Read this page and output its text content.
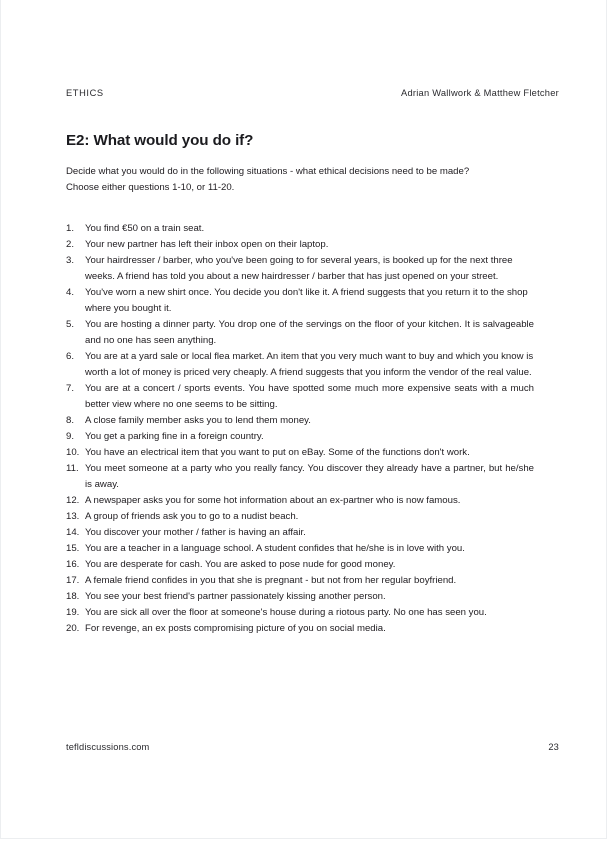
ETHICS	Adrian Wallwork & Matthew Fletcher
E2: What would you do if?
Decide what you would do in the following situations - what ethical decisions need to be made?
Choose either questions 1-10, or 11-20.
1.	You find €50 on a train seat.
2.	Your new partner has left their inbox open on their laptop.
3.	Your hairdresser / barber, who you've been going to for several years, is booked up for the next three weeks. A friend has told you about a new hairdresser / barber that has just opened on your street.
4.	You've worn a new shirt once. You decide you don't like it. A friend suggests that you return it to the shop where you bought it.
5.	You are hosting a dinner party. You drop one of the servings on the floor of your kitchen. It is salvageable and no one has seen anything.
6.	You are at a yard sale or local flea market. An item that you very much want to buy and which you know is worth a lot of money is priced very cheaply. A friend suggests that you inform the vendor of the real value.
7.	You are at a concert / sports events. You have spotted some much more expensive seats with a much better view where no one seems to be sitting.
8.	A close family member asks you to lend them money.
9.	You get a parking fine in a foreign country.
10. You have an electrical item that you want to put on eBay. Some of the functions don't work.
11. You meet someone at a party who you really fancy. You discover they already have a partner, but he/she is away.
12. A newspaper asks you for some hot information about an ex-partner who is now famous.
13. A group of friends ask you to go to a nudist beach.
14. You discover your mother / father is having an affair.
15. You are a teacher in a language school. A student confides that he/she is in love with you.
16. You are desperate for cash. You are asked to pose nude for good money.
17. A female friend confides in you that she is pregnant - but not from her regular boyfriend.
18. You see your best friend's partner passionately kissing another person.
19. You are sick all over the floor at someone's house during a riotous party. No one has seen you.
20. For revenge, an ex posts compromising picture of you on social media.
tefldiscussions.com	23
